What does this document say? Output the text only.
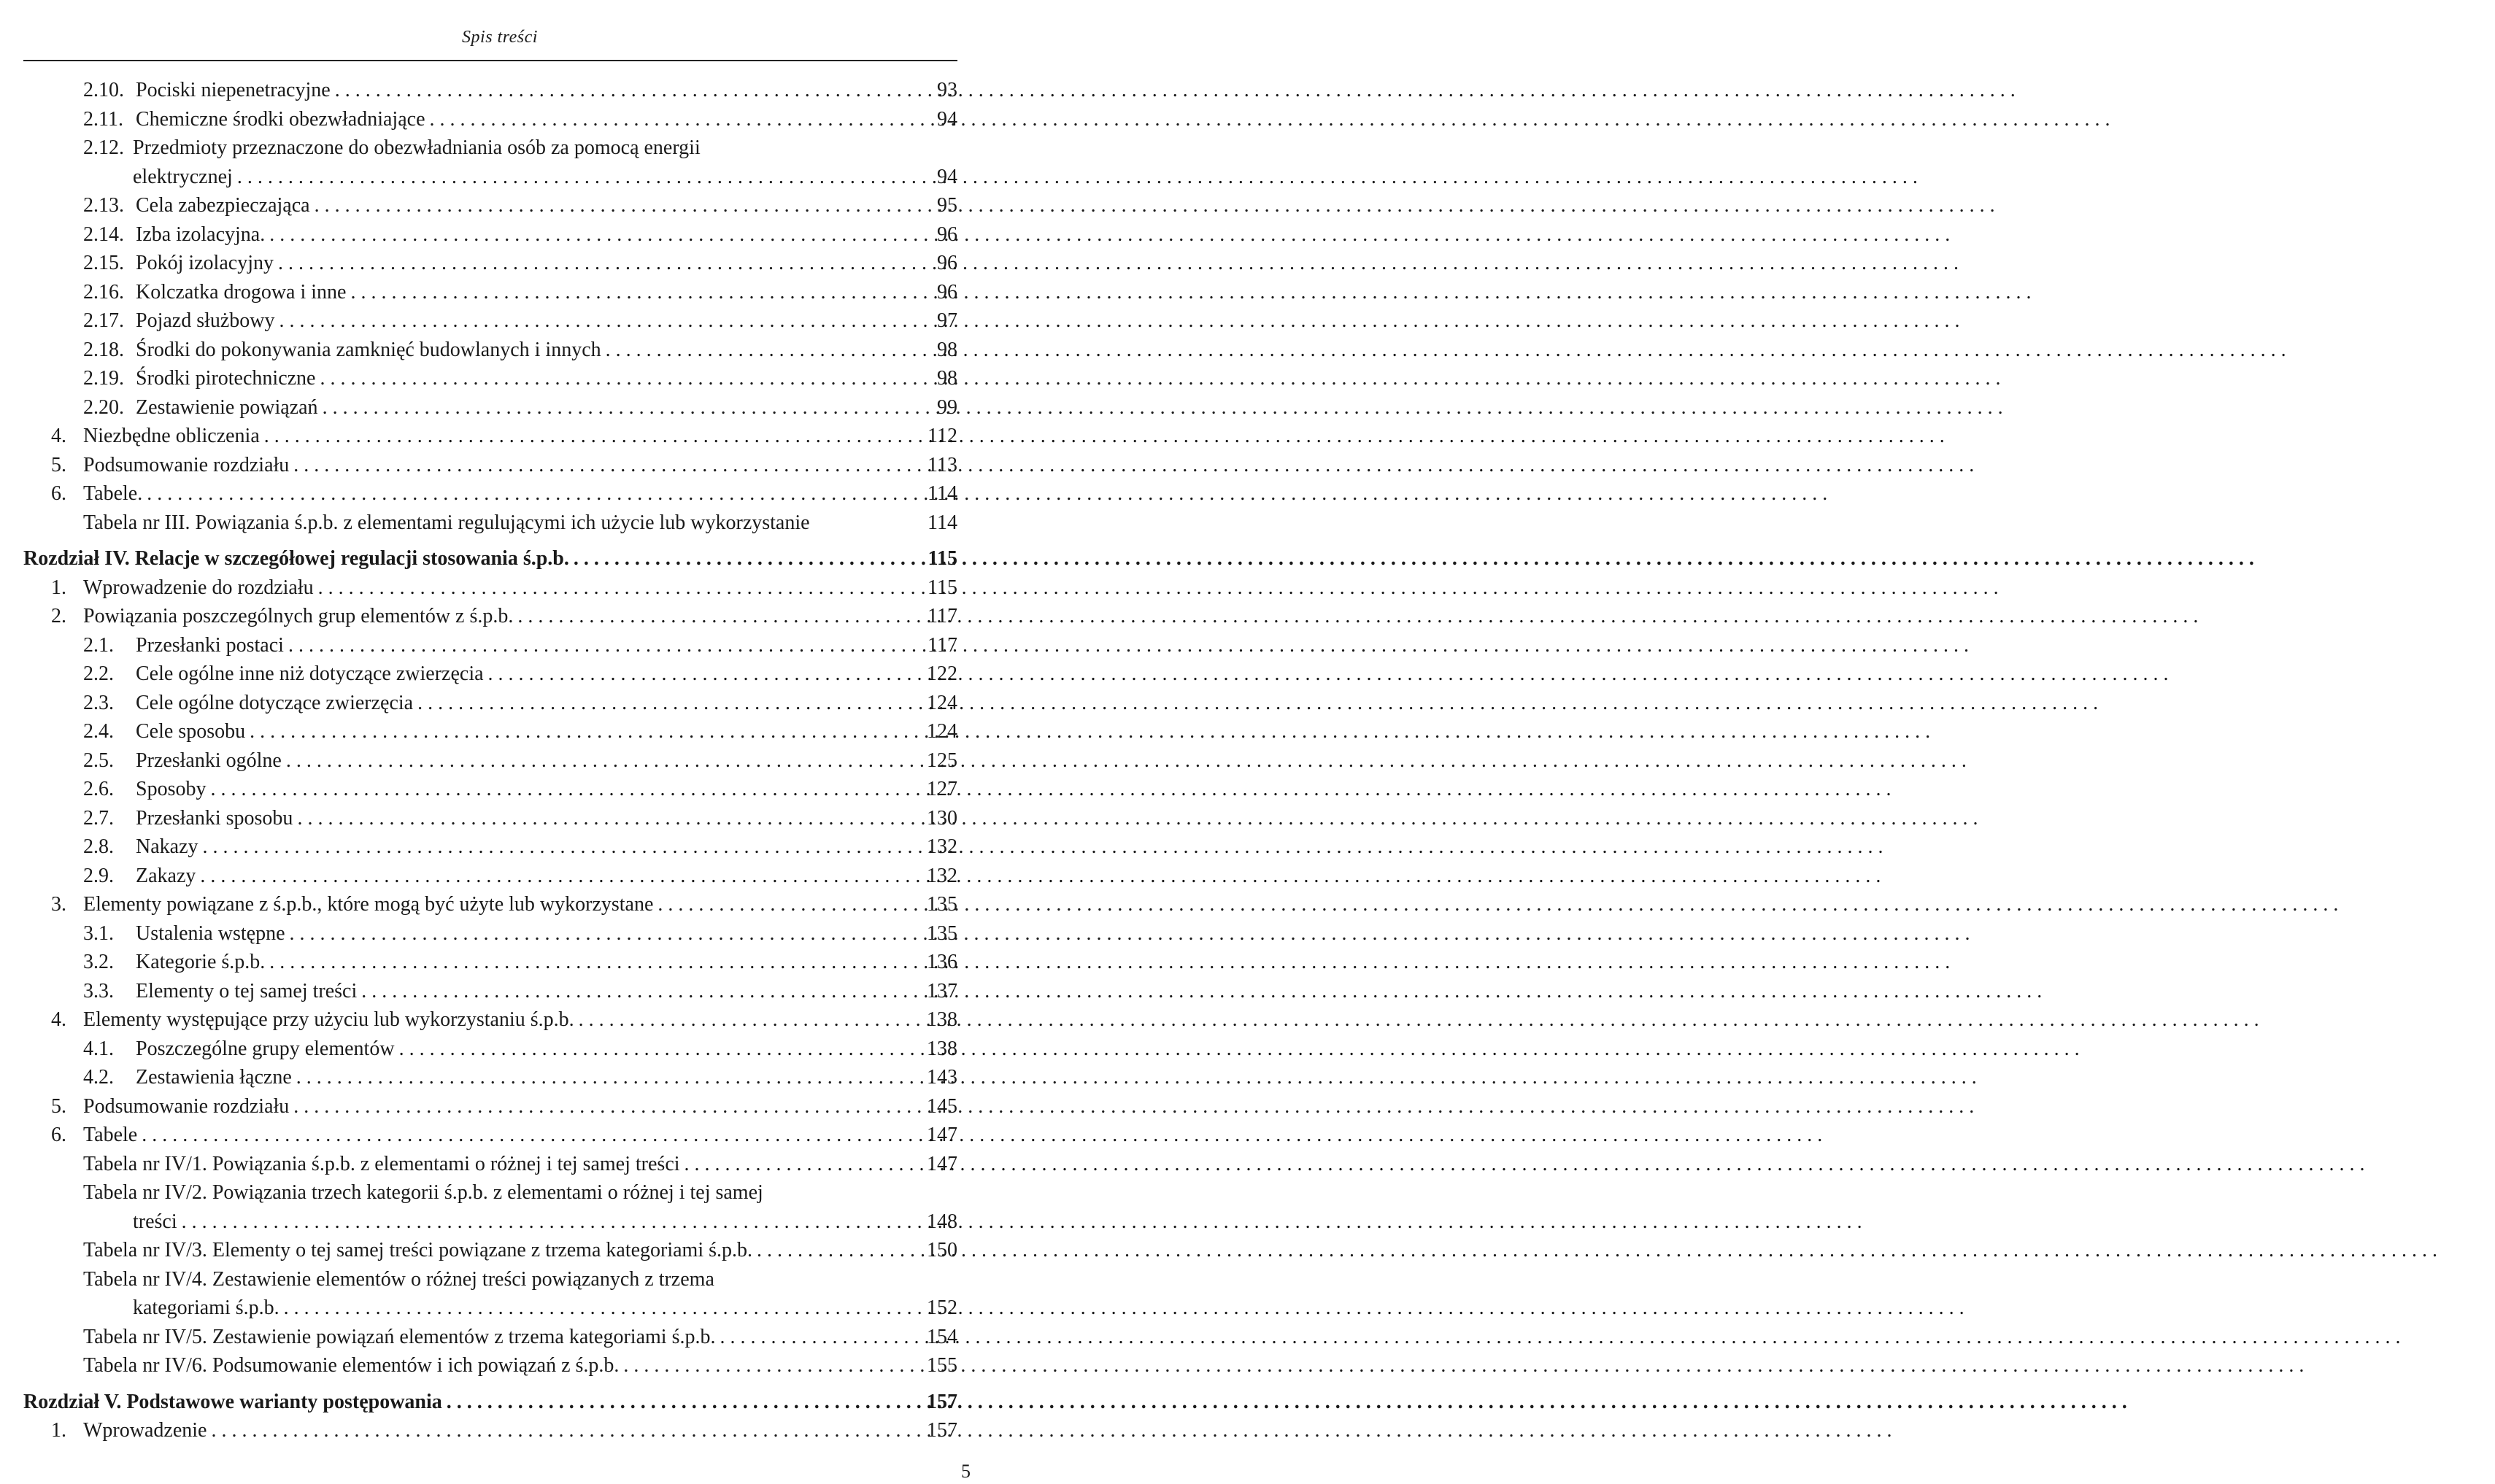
Spis treści
2.10. Pociski niepenetracyjne . . .	93
2.11. Chemiczne środki obezwładniające . . .	94
2.12. Przedmioty przeznaczone do obezwładniania osób za pomocą energii
elektrycznej . . .	94
2.13. Cela zabezpieczająca . . .	95
2.14. Izba izolacyjna. . . .	96
2.15. Pokój izolacyjny . . .	96
2.16. Kolczatka drogowa i inne . . .	96
2.17. Pojazd służbowy . . .	97
2.18. Środki do pokonywania zamknięć budowlanych i innych . . .	98
2.19. Środki pirotechniczne . . .	98
2.20. Zestawienie powiązań . . .	99
4. Niezbędne obliczenia . . .	112
5. Podsumowanie rozdziału . . .	113
6. Tabele. . . .	114
Tabela nr III. Powiązania ś.p.b. z elementami regulującymi ich użycie lub wykorzystanie	114
Rozdział IV. Relacje w szczegółowej regulacji stosowania ś.p.b. . . .	115
1. Wprowadzenie do rozdziału . . .	115
2. Powiązania poszczególnych grup elementów z ś.p.b. . . .	117
2.1.	Przesłanki postaci . . .	117
2.2.	Cele ogólne inne niż dotyczące zwierzęcia . . .	122
2.3.	Cele ogólne dotyczące zwierzęcia . . .	124
2.4.	Cele sposobu . . .	124
2.5.	Przesłanki ogólne . . .	125
2.6.	Sposoby . . .	127
2.7.	Przesłanki sposobu . . .	130
2.8.	Nakazy . . .	132
2.9.	Zakazy . . .	132
3. Elementy powiązane z ś.p.b., które mogą być użyte lub wykorzystane . . .	135
3.1.	Ustalenia wstępne . . .	135
3.2.	Kategorie ś.p.b. . . .	136
3.3.	Elementy o tej samej treści . . .	137
4. Elementy występujące przy użyciu lub wykorzystaniu ś.p.b. . . .	138
4.1.	Poszczególne grupy elementów . . .	138
4.2.	Zestawienia łączne . . .	143
5. Podsumowanie rozdziału . . .	145
6. Tabele . . .	147
Tabela nr IV/1. Powiązania ś.p.b. z elementami o różnej i tej samej treści . . .	147
Tabela nr IV/2. Powiązania trzech kategorii ś.p.b. z elementami o różnej i tej samej
treści . . .	148
Tabela nr IV/3. Elementy o tej samej treści powiązane z trzema kategoriami ś.p.b. . . .	150
Tabela nr IV/4. Zestawienie elementów o różnej treści powiązanych z trzema
kategoriami ś.p.b. . . .	152
Tabela nr IV/5. Zestawienie powiązań elementów z trzema kategoriami ś.p.b. . . .	154
Tabela nr IV/6. Podsumowanie elementów i ich powiązań z ś.p.b. . . .	155
Rozdział V. Podstawowe warianty postępowania . . .	157
1. Wprowadzenie . . .	157
5
